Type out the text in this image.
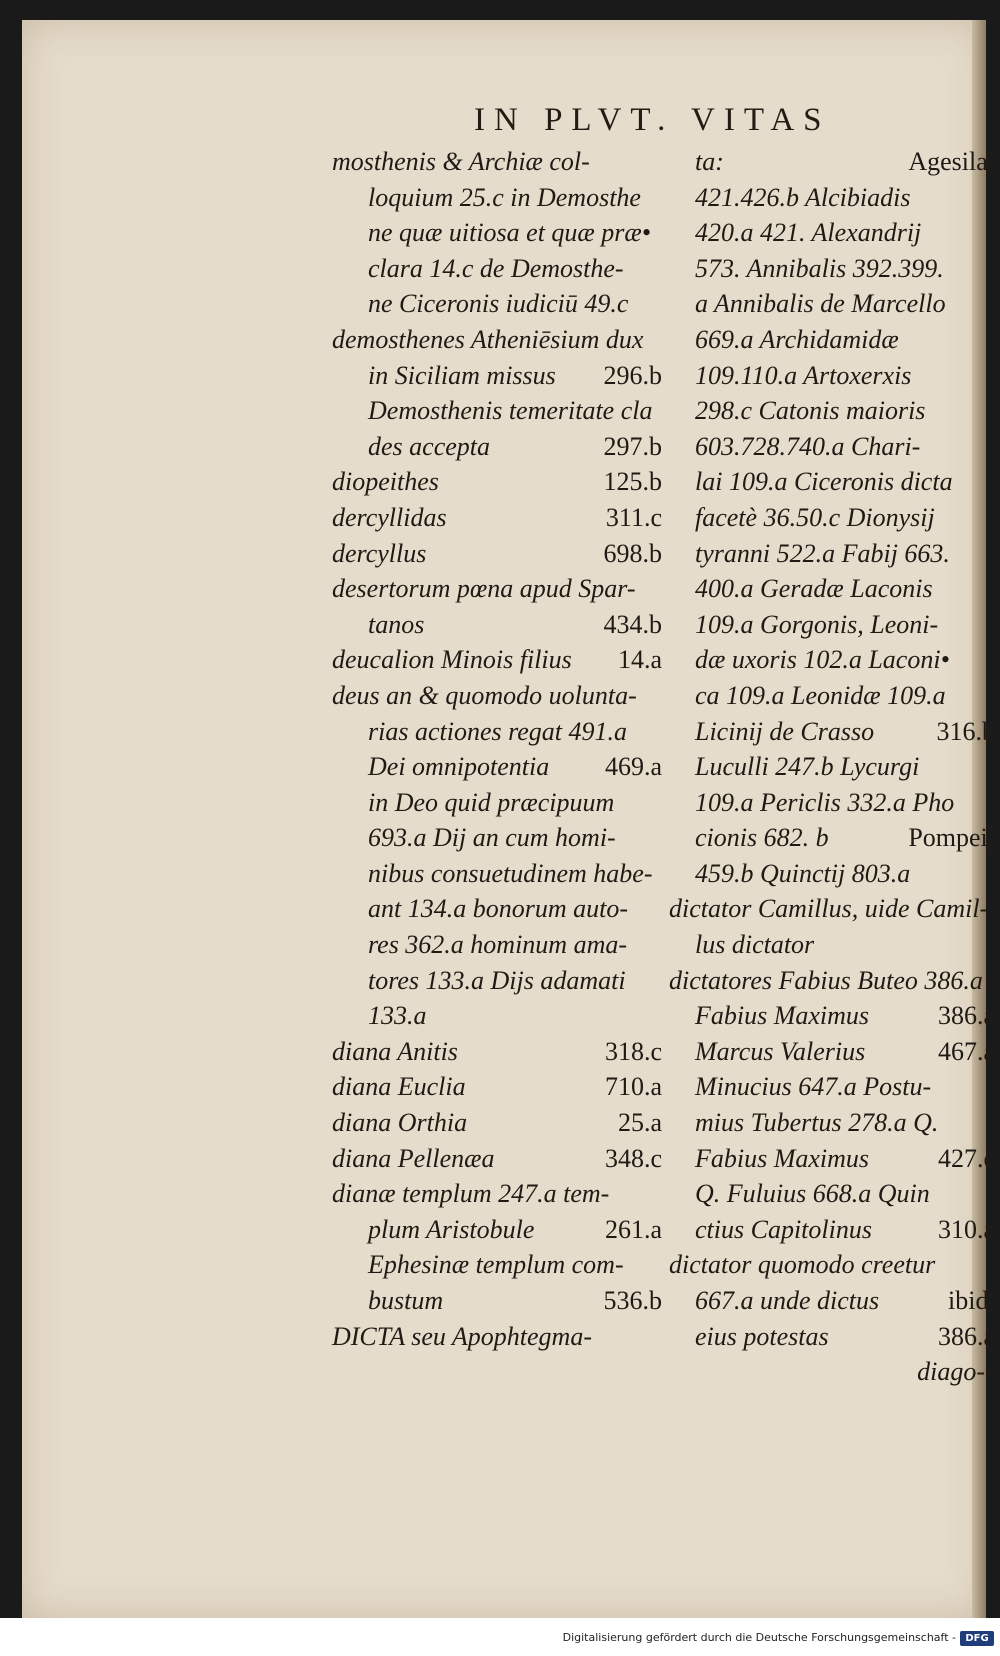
IN PLVT. VITAS
mosthenis & Archiæ col-
loquium 25.c in Demosthe
ne quæ uitiosa et quæ præ•
clara 14.c de Demosthe-
ne Ciceronis iudiciū 49.c
demosthenes Atheniēsium dux
in Siciliam missus 296.b
Demosthenis temeritate cla
des accepta	297.b
diopeithes	125.b
dercyllidas	311.c
dercyllus	698.b
desertorum pœna apud Spar-
tanos	434.b
deucalion Minois filius 14.a
deus an & quomodo uolunta-
rias actiones regat 491.a
Dei omnipotentia 469.a
in Deo quid præcipuum
693.a Dij an cum homi-
nibus consuetudinem habe-
ant 134.a bonorum auto-
res 362.a hominum ama-
tores 133.a Dijs adamati
133.a
diana Anitis	318.c
diana Euclia	710.a
diana Orthia	25.a
diana Pellenæa	348.c
dianæ templum 247.a tem-
plum Aristobule	261.a
Ephesinæ templum com-
bustum	536.b
DICTA seu Apophtegma-
ta:	Agesilai
421.426.b Alcibiadis
420.a 421. Alexandrij
573. Annibalis 392.399.
a Annibalis de Marcello
669.a Archidamidæ
109.110.a Artoxerxis
298.c Catonis maioris
603.728.740.a Chari-
lai 109.a Ciceronis dicta
facetè 36.50.c Dionysij
tyranni 522.a Fabij 663.
400.a Geradæ Laconis
109.a Gorgonis, Leoni-
dæ uxoris 102.a Laconi•
ca 109.a Leonidæ 109.a
Licinij de Crasso 316.b
Luculli 247.b Lycurgi
109.a Periclis 332.a Pho
cionis 682. b	Pompeij
459.b Quinctij 803.a
dictator Camillus, uide Camil-
lus dictator
dictatores Fabius Buteo 386.a
Fabius Maximus	386.a
Marcus Valerius	467.a
Minucius 647.a Postu-
mius Tubertus 278.a Q.
Fabius Maximus	427.c
Q. Fuluius 668.a Quin
ctius Capitolinus	310.a
dictator quomodo creetur
667.a unde dictus	ibid.
eius potestas	386.a
diago-
Digitalisierung gefördert durch die Deutsche Forschungsgemeinschaft - DFG
